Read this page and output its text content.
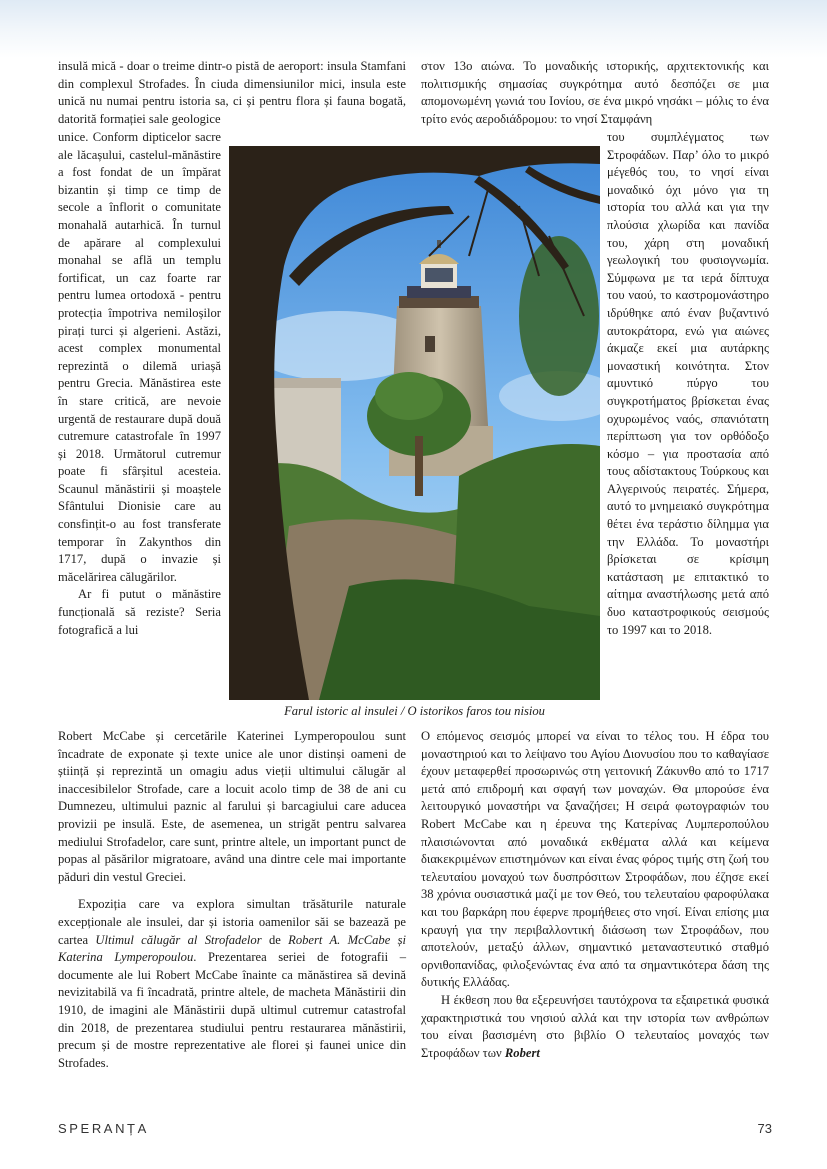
insulă mică - doar o treime dintr-o pistă de aeroport: insula Stamfani din complexul Strofades. În ciuda dimensiunilor mici, insula este unică nu numai pentru istoria sa, ci și pentru flora și fauna bogată, datorită formației sale geologice

unice. Conform dipticelor sacre ale lăcașului, castelul-mănăstire a fost fondat de un împărat bizantin și timp ce timp de secole a înflorit o comunitate monahală autarhică. În turnul de apărare al complexului monahal se află un templu fortificat, un caz foarte rar pentru lumea ortodoxă - pentru protecția împotriva nemiloșilor pirați turci și algerieni. Astăzi, acest complex monumental reprezintă o dilemă uriașă pentru Grecia. Mănăstirea este în stare critică, are nevoie urgentă de restaurare după două cutremure catastrofale în 1997 și 2018. Următorul cutremur poate fi sfârșitul acesteia. Scaunul mănăstirii și moaștele Sfântului Dionisie care au consfințit-o au fost transferate temporar în Zakynthos din 1717, după o invazie și măcelărirea călugărilor.

Ar fi putut o mănăstire funcțională să reziste? Seria fotografică a lui

Robert McCabe și cercetările Katerinei Lymperopoulou sunt încadrate de exponate și texte unice ale unor distinși oameni de știință și reprezintă un omagiu adus vieții ultimului călugăr al inaccesibilelor Strofade, care a locuit acolo timp de 38 de ani cu Dumnezeu, ultimului paznic al farului și barcagiului care aducea provizii pe insulă. Este, de asemenea, un strigăt pentru salvarea mediului Strofadelor, care sunt, printre altele, un important punct de popas al păsărilor migratoare, având una dintre cele mai importante păduri din vestul Greciei.

Expoziția care va explora simultan trăsăturile naturale excepționale ale insulei, dar și istoria oamenilor săi se bazează pe cartea Ultimul călugăr al Strofadelor de Robert A. McCabe și Katerina Lymperopoulou. Prezentarea seriei de fotografii – documente ale lui Robert McCabe înainte ca mănăstirea să devină nevizitabilă va fi încadrată, printre altele, de macheta Mănăstirii din 1910, de imagini ale Mănăstirii după ultimul cutremur catastrofal din 2018, de prezentarea studiului pentru restaurarea mănăstirii, precum și de mostre reprezentative ale florei și faunei unice din Strofades.

στον 13ο αιώνα. Το μοναδικής ιστορικής, αρχιτεκτονικής και πολιτισμικής σημασίας συγκρότημα αυτό δεσπόζει σε μια απομονωμένη γωνιά του Ιονίου, σε ένα μικρό νησάκι – μόλις το ένα τρίτο ενός αεροδιάδρομου: το νησί Σταμφάνη

του συμπλέγματος των Στροφάδων. Παρ’ όλο το μικρό μέγεθός του, το νησί είναι μοναδικό όχι μόνο για τη ιστορία του αλλά και για την πλούσια χλωρίδα και πανίδα του, χάρη στη μοναδική γεωλογική του φυσιογνωμία. Σύμφωνα με τα ιερά δίπτυχα του ναού, το καστρομονάστηρο ιδρύθηκε από έναν βυζαντινό αυτοκράτορα, ενώ για αιώνες άκμαζε εκεί μια αυτάρκης μοναστική κοινότητα. Στον αμυντικό πύργο του συγκροτήματος βρίσκεται ένας οχυρωμένος ναός, σπανιότατη περίπτωση για τον ορθόδοξο κόσμο – για προστασία από τους αδίστακτους Τούρκους και Αλγερινούς πειρατές. Σήμερα, αυτό το μνημειακό συγκρότημα θέτει ένα τεράστιο δίλημμα για την Ελλάδα. Το μοναστήρι βρίσκεται σε κρίσιμη κατάσταση με επιτακτικό το αίτημα αναστήλωσης μετά από δυο καταστροφικούς σεισμούς το 1997 και το 2018.

Ο επόμενος σεισμός μπορεί να είναι το τέλος του. Η έδρα του μοναστηριού και το λείψανο του Αγίου Διονυσίου που το καθαγίασε έχουν μεταφερθεί προσωρινώς στη γειτονική Ζάκυνθο από το 1717 μετά από επιδρομή και σφαγή των μοναχών. Θα μπορούσε ένα λειτουργικό μοναστήρι να ξαναζήσει; Η σειρά φωτογραφιών του Robert McCabe και η έρευνα της Κατερίνας Λυμπεροπούλου πλαισιώνονται από μοναδικά εκθέματα αλλά και κείμενα διακεκριμένων επιστημόνων και είναι ένας φόρος τιμής στη ζωή του τελευταίου μοναχού των δυσπρόσιτων Στροφάδων, που έζησε εκεί 38 χρόνια ουσιαστικά μαζί με τον Θεό, του τελευταίου φαροφύλακα και του βαρκάρη που έφερνε προμήθειες στο νησί. Είναι επίσης μια κραυγή για την περιβαλλοντική διάσωση των Στροφάδων, που αποτελούν, μεταξύ άλλων, σημαντικό μεταναστευτικό σταθμό ορνιθοπανίδας, φιλοξενώντας ένα από τα σημαντικότερα δάση της δυτικής Ελλάδας.

Η έκθεση που θα εξερευνήσει ταυτόχρονα τα εξαιρετικά φυσικά χαρακτηριστικά του νησιού αλλά και την ιστορία των ανθρώπων του είναι βασισμένη στο βιβλίο Ο τελευταίος μοναχός των Στροφάδων των Robert

Farul istoric al insulei / O istorikos faros tou nisiou
SPERANȚA	73
